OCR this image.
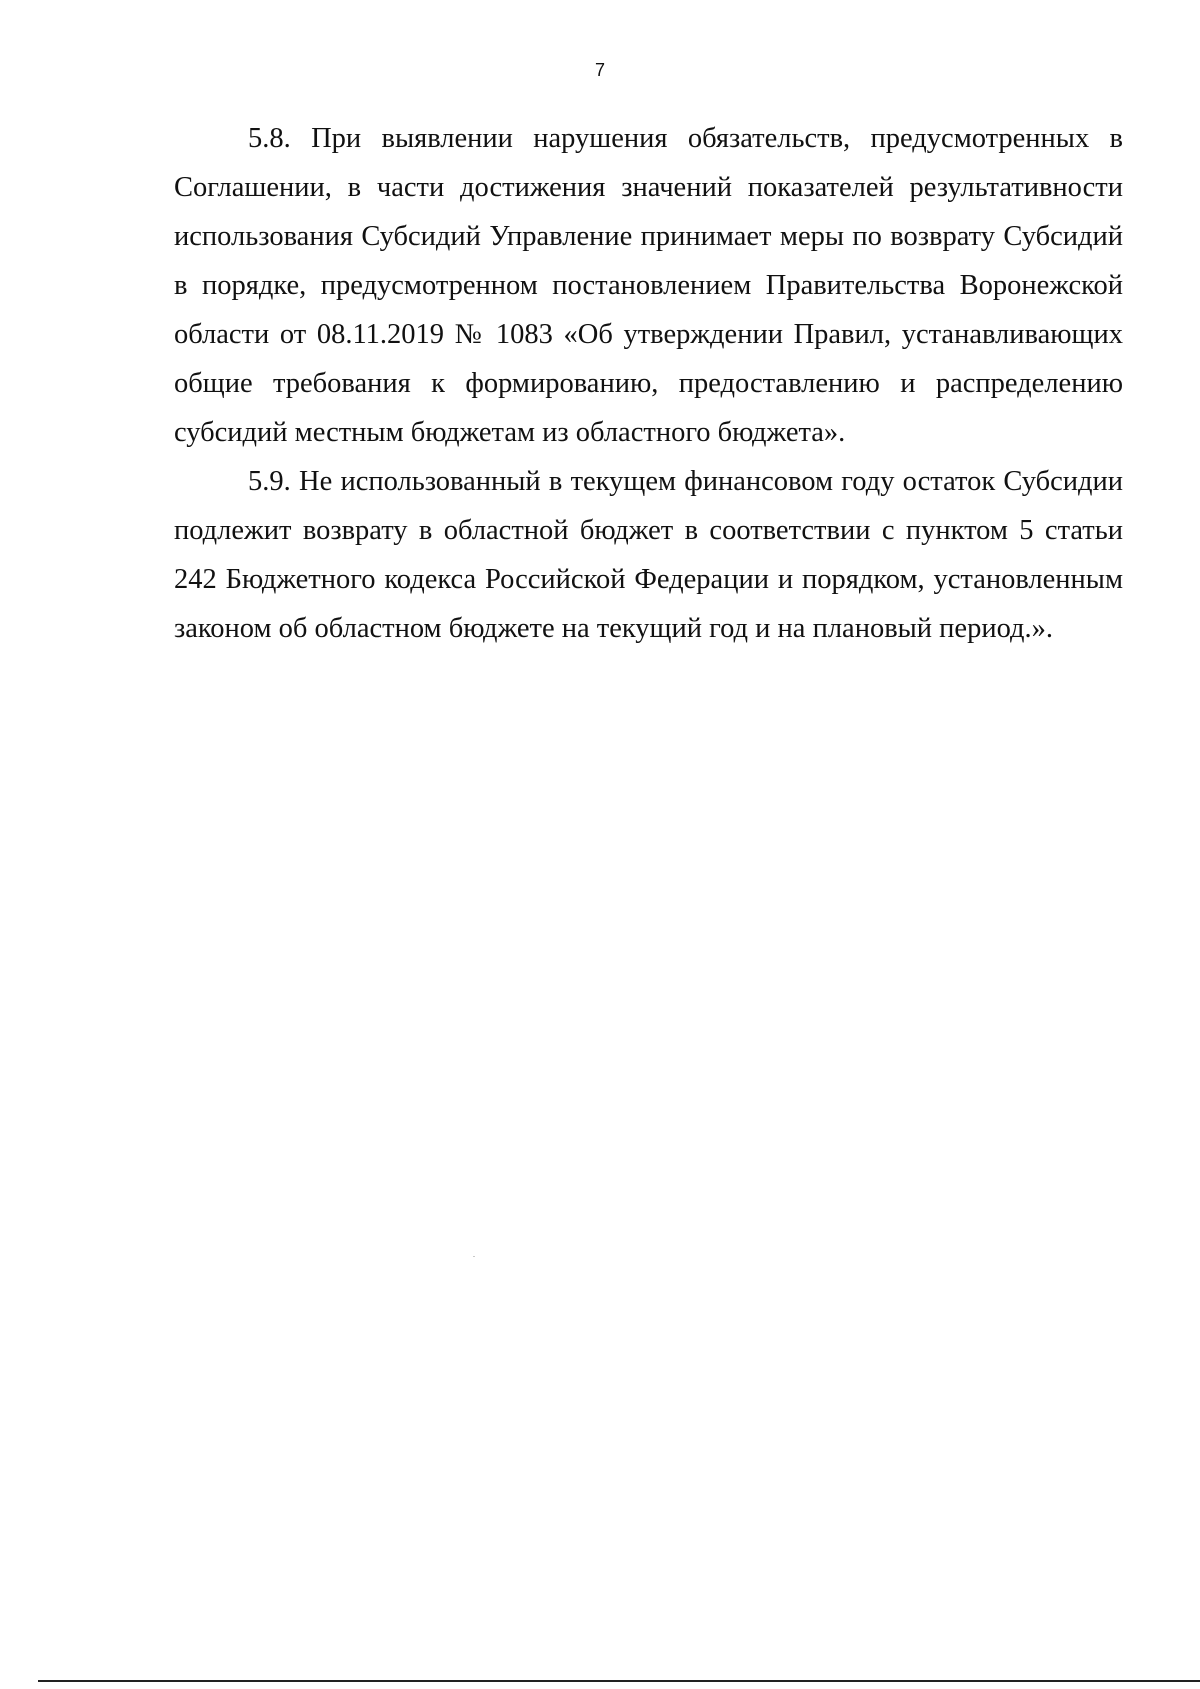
7

5.8. При выявлении нарушения обязательств, предусмотренных в
Соглашении, в части достижения значений показателей результативности
использования Субсидий Управление принимает меры по возврату Субсидий
в порядке, предусмотренном постановлением Правительства Воронежской
области от 08.11.2019 № 1083 «Об утверждении Правил, устанавливающих
общие требования к формированию, предоставлению и распределению
субсидий местным бюджетам из областного бюджета».

5.9. Не использованный в текущем финансовом году остаток Субсидии
подлежит возврату в областной бюджет в соответствии с пунктом 5 статьи
242 Бюджетного кодекса Российской Федерации и порядком, установленным
законом об областном бюджете на текущий год и на плановый период.».
